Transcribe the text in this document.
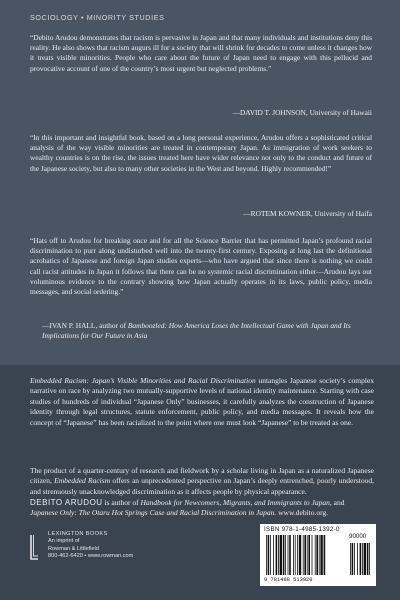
SOCIOLOGY • MINORITY STUDIES
“Debito Arudou demonstrates that racism is pervasive in Japan and that many individuals and institutions deny this reality. He also shows that racism augurs ill for a society that will shrink for decades to come unless it changes how it treats visible minorities. People who care about the future of Japan need to engage with this pellucid and provocative account of one of the country’s most urgent but neglected problems.”
—DAVID T. JOHNSON, University of Hawaii
“In this important and insightful book, based on a long personal experience, Arudou offers a sophisticated critical analysis of the way visible minorities are treated in contemporary Japan. As immigration of work seekers to wealthy countries is on the rise, the issues treated here have wider relevance not only to the conduct and future of the Japanese society, but also to many other societies in the West and beyond. Highly recommended!”
—ROTEM KOWNER, University of Haifa
“Hats off to Arudou for breaking once and for all the Science Barrier that has permitted Japan’s profound racial discrimination to purr along undisturbed well into the twenty-first century. Exposing at long last the definitional acrobatics of Japanese and foreign Japan studies experts—who have argued that since there is nothing we could call racist attitudes in Japan it follows that there can be no systemic racial discrimination either—Arudou lays out voluminous evidence to the contrary showing how Japan actually operates in its laws, public policy, media messages, and social ordering.”
—IVAN P. HALL, author of Bamboozled: How America Loses the Intellectual Game with Japan and Its Implications for Our Future in Asia
Embedded Racism: Japan’s Visible Minorities and Racial Discrimination untangles Japanese society’s complex narrative on race by analyzing two mutually-supportive levels of national identity maintenance. Starting with case studies of hundreds of individual “Japanese Only” businesses, it carefully analyzes the construction of Japanese identity through legal structures, statute enforcement, public policy, and media messages. It reveals how the concept of “Japanese” has been racialized to the point where one must look “Japanese” to be treated as one.
The product of a quarter-century of research and fieldwork by a scholar living in Japan as a naturalized Japanese citizen, Embedded Racism offers an unprecedented perspective on Japan’s deeply entrenched, poorly understood, and strenuously unacknowledged discrimination as it affects people by physical appearance.
DEBITO ARUDOU is author of Handbook for Newcomers, Migrants, and Immigrants to Japan, and Japanese Only: The Otaru Hot Springs Case and Racial Discrimination in Japan. www.debito.org.
LEXINGTON BOOKS
An imprint of
Rowman & Littlefield
800-462-6420 • www.rowman.com
ISBN 978-1-4985-1392-0
90000
9 781498 513920
